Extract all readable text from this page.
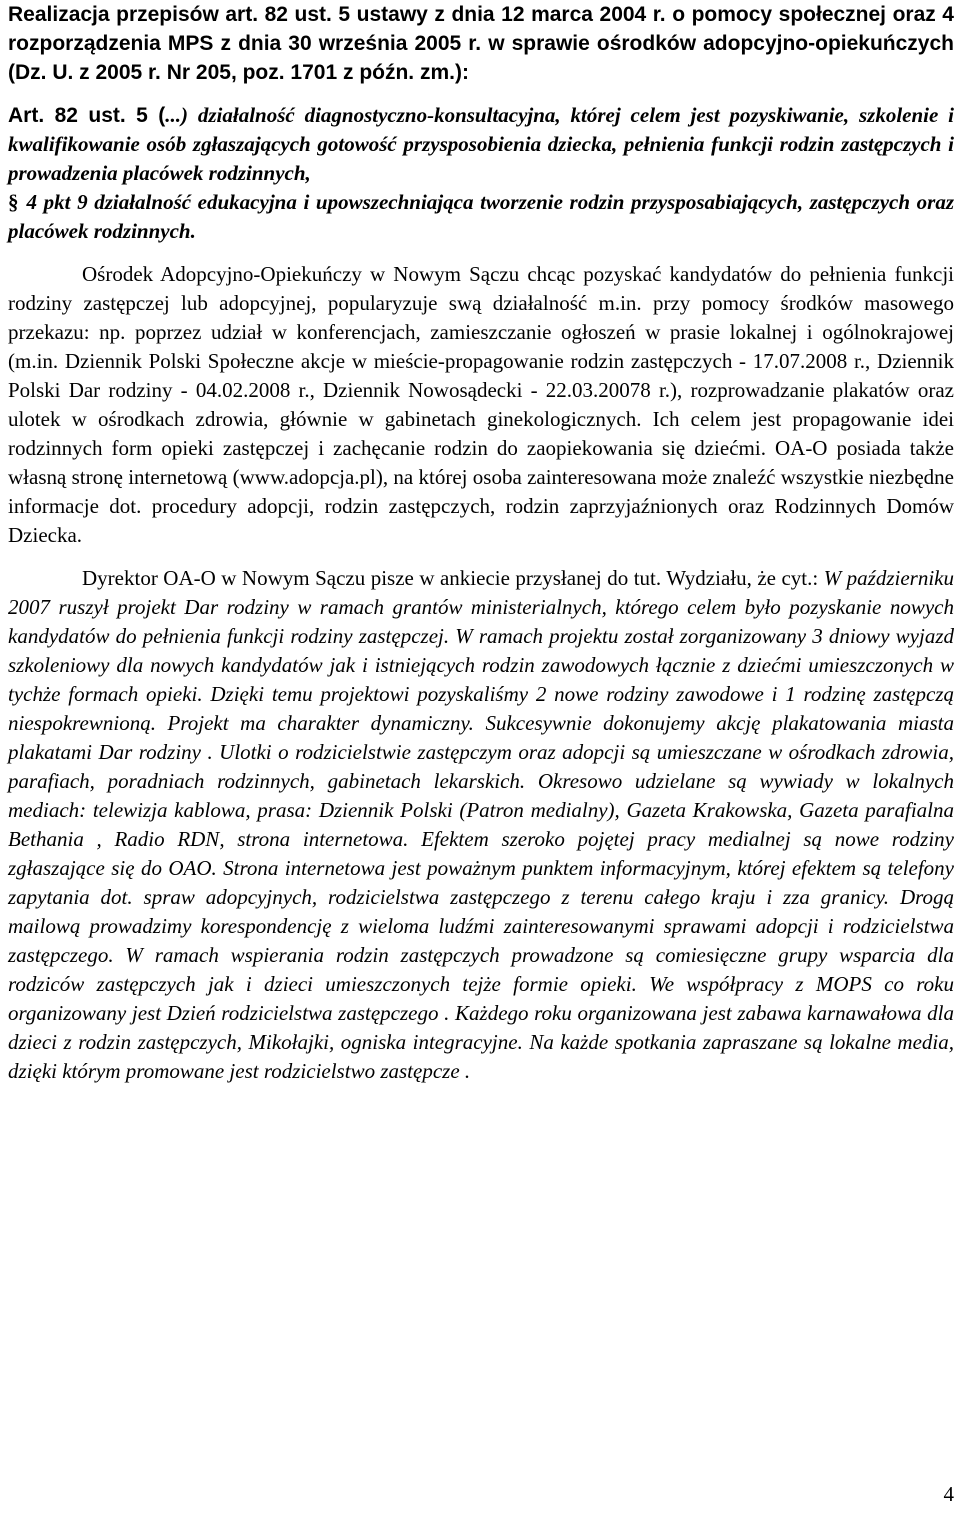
Realizacja przepisów art. 82 ust. 5 ustawy z dnia 12 marca 2004 r. o pomocy społecznej oraz 4 rozporządzenia MPS z dnia 30 września 2005 r. w sprawie ośrodków adopcyjno-opiekuńczych (Dz. U. z 2005 r. Nr 205, poz. 1701 z późn. zm.):

Art. 82 ust. 5 (...) działalność diagnostyczno-konsultacyjna, której celem jest pozyskiwanie, szkolenie i kwalifikowanie osób zgłaszających gotowość przysposobienia dziecka, pełnienia funkcji rodzin zastępczych i prowadzenia placówek rodzinnych,
§ 4 pkt 9 działalność edukacyjna i upowszechniająca tworzenie rodzin przysposabiających, zastępczych oraz placówek rodzinnych.

Ośrodek Adopcyjno-Opiekuńczy w Nowym Sączu chcąc pozyskać kandydatów do pełnienia funkcji rodziny zastępczej lub adopcyjnej, popularyzuje swą działalność m.in. przy pomocy środków masowego przekazu: np. poprzez udział w konferencjach, zamieszczanie ogłoszeń w prasie lokalnej i ogólnokrajowej (m.in. Dziennik Polski Społeczne akcje w mieście-propagowanie rodzin zastępczych - 17.07.2008 r., Dziennik Polski Dar rodziny - 04.02.2008 r., Dziennik Nowosądecki - 22.03.20078 r.), rozprowadzanie plakatów oraz ulotek w ośrodkach zdrowia, głównie w gabinetach ginekologicznych. Ich celem jest propagowanie idei rodzinnych form opieki zastępczej i zachęcanie rodzin do zaopiekowania się dziećmi. OA-O posiada także własną stronę internetową (www.adopcja.pl), na której osoba zainteresowana może znaleźć wszystkie niezbędne informacje dot. procedury adopcji, rodzin zastępczych, rodzin zaprzyjaźnionych oraz Rodzinnych Domów Dziecka.

Dyrektor OA-O w Nowym Sączu pisze w ankiecie przysłanej do tut. Wydziału, że cyt.: W październiku 2007 ruszył projekt Dar rodziny w ramach grantów ministerialnych, którego celem było pozyskanie nowych kandydatów do pełnienia funkcji rodziny zastępczej. W ramach projektu został zorganizowany 3 dniowy wyjazd szkoleniowy dla nowych kandydatów jak i istniejących rodzin zawodowych łącznie z dziećmi umieszczonych w tychże formach opieki. Dzięki temu projektowi pozyskaliśmy 2 nowe rodziny zawodowe i 1 rodzinę zastępczą niespokrewnioną. Projekt ma charakter dynamiczny. Sukcesywnie dokonujemy akcję plakatowania miasta plakatami Dar rodziny . Ulotki o rodzicielstwie zastępczym oraz adopcji są umieszczane w ośrodkach zdrowia, parafiach, poradniach rodzinnych, gabinetach lekarskich. Okresowo udzielane są wywiady w lokalnych mediach: telewizja kablowa, prasa: Dziennik Polski (Patron medialny), Gazeta Krakowska, Gazeta parafialna Bethania , Radio RDN, strona internetowa. Efektem szeroko pojętej pracy medialnej są nowe rodziny zgłaszające się do OAO. Strona internetowa jest poważnym punktem informacyjnym, której efektem są telefony zapytania dot. spraw adopcyjnych, rodzicielstwa zastępczego z terenu całego kraju i zza granicy. Drogą mailową prowadzimy korespondencję z wieloma ludźmi zainteresowanymi sprawami adopcji i rodzicielstwa zastępczego. W ramach wspierania rodzin zastępczych prowadzone są comiesięczne grupy wsparcia dla rodziców zastępczych jak i dzieci umieszczonych tejże formie opieki. We współpracy z MOPS co roku organizowany jest Dzień rodzicielstwa zastępczego . Każdego roku organizowana jest zabawa karnawałowa dla dzieci z rodzin zastępczych, Mikołajki, ogniska integracyjne. Na każde spotkania zapraszane są lokalne media, dzięki którym promowane jest rodzicielstwo zastępcze .

4
